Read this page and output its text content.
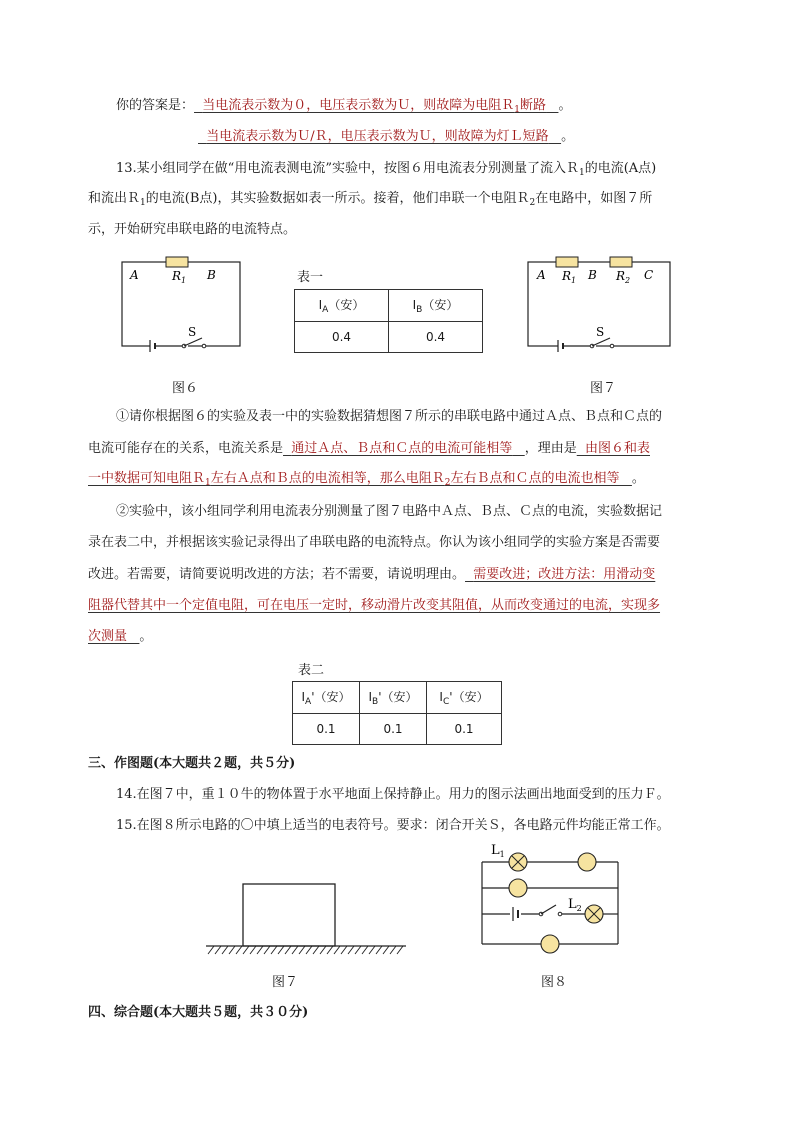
你的答案是： 当电流表示数为０，电压表示数为Ｕ，则故障为电阻Ｒ$_1$断路 。
当电流表示数为Ｕ/Ｒ，电压表示数为Ｕ，则故障为灯Ｌ短路 。
13.某小组同学在做“用电流表测电流”实验中，按图６用电流表分别测量了流入Ｒ$_1$的电流(A点)
和流出Ｒ$_1$的电流(B点)，其实验数据如表一所示。接着，他们串联一个电阻Ｒ$_2$在电路中，如图７所
示，开始研究串联电路的电流特点。
A	$R_1$ B
S
图６
表一
$I_A$（安）	$I_B$（安）
0.4	0.4
A $R_1$ B $R_2$ C
S
图７
①请你根据图６的实验及表一中的实验数据猜想图７所示的串联电路中通过Ａ点、Ｂ点和Ｃ点的
电流可能存在的关系，电流关系是 通过Ａ点、Ｂ点和Ｃ点的电流可能相等 ，理由是 由图６和表
一中数据可知电阻Ｒ$_1$左右Ａ点和Ｂ点的电流相等，那么电阻Ｒ$_2$左右Ｂ点和Ｃ点的电流也相等 。
②实验中，该小组同学利用电流表分别测量了图７电路中Ａ点、Ｂ点、Ｃ点的电流，实验数据记
录在表二中，并根据该实验记录得出了串联电路的电流特点。你认为该小组同学的实验方案是否需要
改进。若需要，请简要说明改进的方法；若不需要，请说明理由。 需要改进；改进方法：用滑动变
阻器代替其中一个定值电阻，可在电压一定时，移动滑片改变其阻值，从而改变通过的电流，实现多
次测量 。
表二
$I_A'$（安）	$I_B'$（安）	$I_C'$（安）
0.1	0.1	0.1
三、作图题(本大题共２题，共５分)
14.在图７中，重１０牛的物体置于水平地面上保持静止。用力的图示法画出地面受到的压力Ｆ。
15.在图８所示电路的〇中填上适当的电表符号。要求：闭合开关Ｓ，各电路元件均能正常工作。
图７
$L_1$
$L_2$
图８
四、综合题(本大题共５题，共３０分)
